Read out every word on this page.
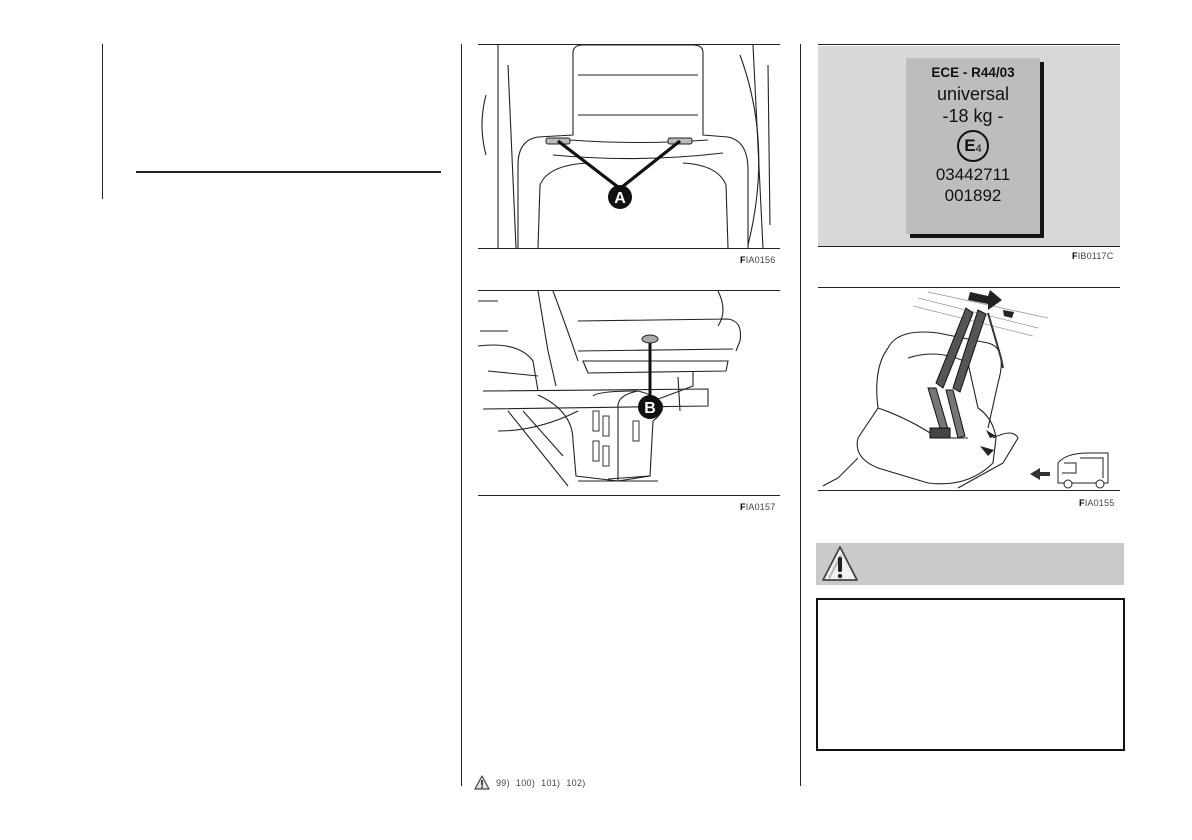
A
FIA0156
B
FIA0157
ECE - R44/03
universal
-18 kg -
$E_4$
03442711
001892
FIB0117C
FIA0155
99) 100) 101) 102)
